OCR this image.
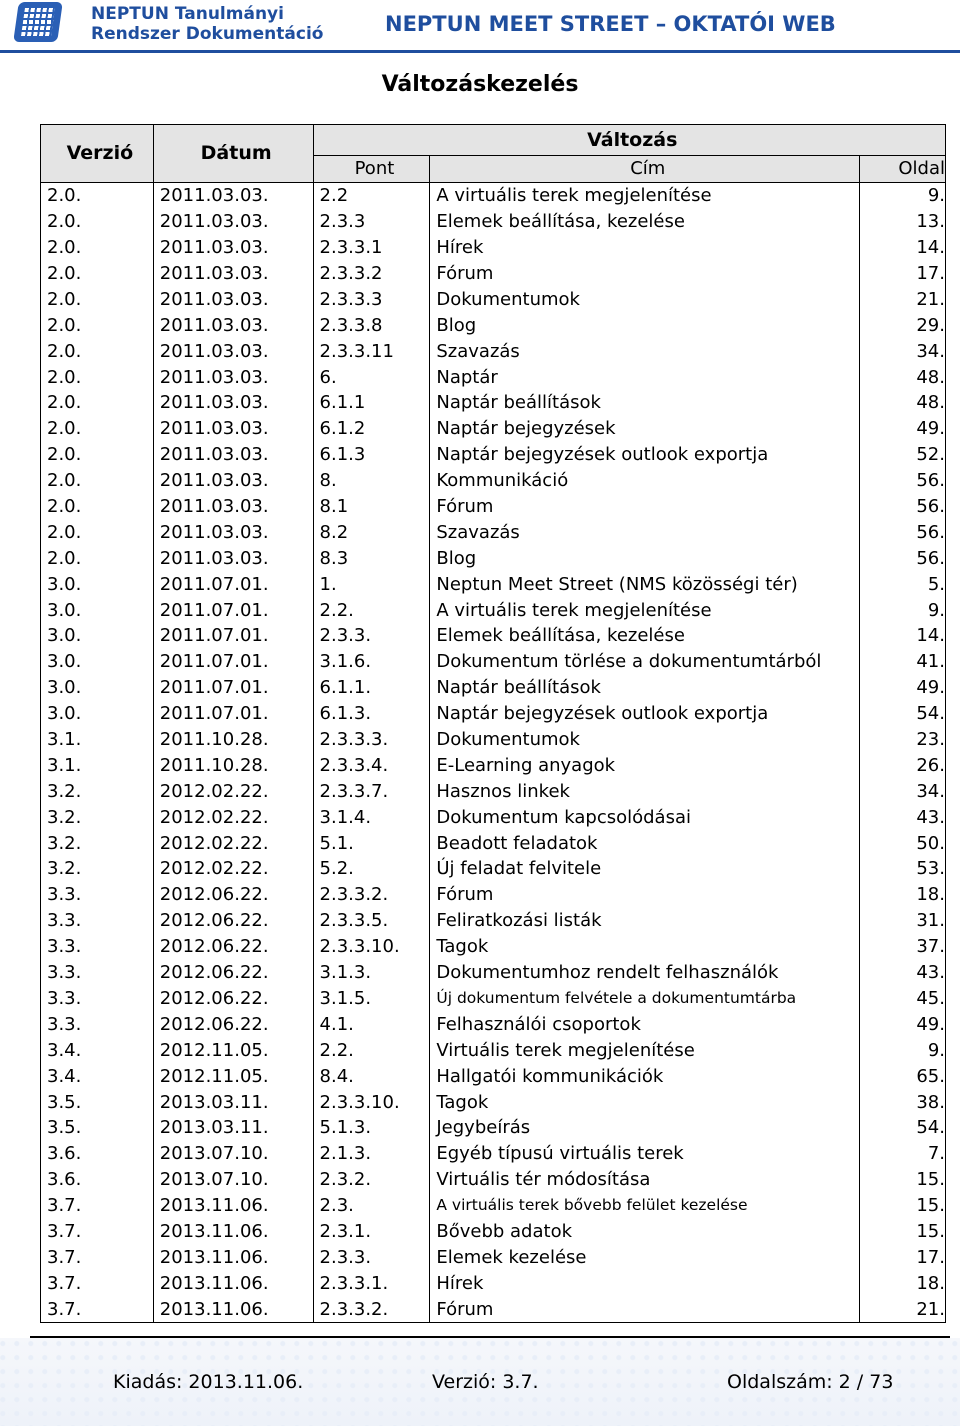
NEPTUN Tanulmányi
Rendszer Dokumentáció	NEPTUN MEET STREET – OKTATÓI WEB
Változáskezelés
Verzió	Dátum	Változás		
		Pont	Cím	Oldal
2.0.	2011.03.03.	2.2	A virtuális terek megjelenítése	9.
2.0.	2011.03.03.	2.3.3	Elemek beállítása, kezelése	13.
2.0.	2011.03.03.	2.3.3.1	Hírek	14.
2.0.	2011.03.03.	2.3.3.2	Fórum	17.
2.0.	2011.03.03.	2.3.3.3	Dokumentumok	21.
2.0.	2011.03.03.	2.3.3.8	Blog	29.
2.0.	2011.03.03.	2.3.3.11	Szavazás	34.
2.0.	2011.03.03.	6.	Naptár	48.
2.0.	2011.03.03.	6.1.1	Naptár beállítások	48.
2.0.	2011.03.03.	6.1.2	Naptár bejegyzések	49.
2.0.	2011.03.03.	6.1.3	Naptár bejegyzések outlook exportja	52.
2.0.	2011.03.03.	8.	Kommunikáció	56.
2.0.	2011.03.03.	8.1	Fórum	56.
2.0.	2011.03.03.	8.2	Szavazás	56.
2.0.	2011.03.03.	8.3	Blog	56.
3.0.	2011.07.01.	1.	Neptun Meet Street (NMS közösségi tér)	5.
3.0.	2011.07.01.	2.2.	A virtuális terek megjelenítése	9.
3.0.	2011.07.01.	2.3.3.	Elemek beállítása, kezelése	14.
3.0.	2011.07.01.	3.1.6.	Dokumentum törlése a dokumentumtárból	41.
3.0.	2011.07.01.	6.1.1.	Naptár beállítások	49.
3.0.	2011.07.01.	6.1.3.	Naptár bejegyzések outlook exportja	54.
3.1.	2011.10.28.	2.3.3.3.	Dokumentumok	23.
3.1.	2011.10.28.	2.3.3.4.	E-Learning anyagok	26.
3.2.	2012.02.22.	2.3.3.7.	Hasznos linkek	34.
3.2.	2012.02.22.	3.1.4.	Dokumentum kapcsolódásai	43.
3.2.	2012.02.22.	5.1.	Beadott feladatok	50.
3.2.	2012.02.22.	5.2.	Új feladat felvitele	53.
3.3.	2012.06.22.	2.3.3.2.	Fórum	18.
3.3.	2012.06.22.	2.3.3.5.	Feliratkozási listák	31.
3.3.	2012.06.22.	2.3.3.10.	Tagok	37.
3.3.	2012.06.22.	3.1.3.	Dokumentumhoz rendelt felhasználók	43.
3.3.	2012.06.22.	3.1.5.	Új dokumentum felvétele a dokumentumtárba	45.
3.3.	2012.06.22.	4.1.	Felhasználói csoportok	49.
3.4.	2012.11.05.	2.2.	Virtuális terek megjelenítése	9.
3.4.	2012.11.05.	8.4.	Hallgatói kommunikációk	65.
3.5.	2013.03.11.	2.3.3.10.	Tagok	38.
3.5.	2013.03.11.	5.1.3.	Jegybeírás	54.
3.6.	2013.07.10.	2.1.3.	Egyéb típusú virtuális terek	7.
3.6.	2013.07.10.	2.3.2.	Virtuális tér módosítása	15.
3.7.	2013.11.06.	2.3.	A virtuális terek bővebb felület kezelése	15.
3.7.	2013.11.06.	2.3.1.	Bővebb adatok	15.
3.7.	2013.11.06.	2.3.3.	Elemek kezelése	17.
3.7.	2013.11.06.	2.3.3.1.	Hírek	18.
3.7.	2013.11.06.	2.3.3.2.	Fórum	21.
Kiadás: 2013.11.06.	Verzió: 3.7.	Oldalszám: 2 / 73
